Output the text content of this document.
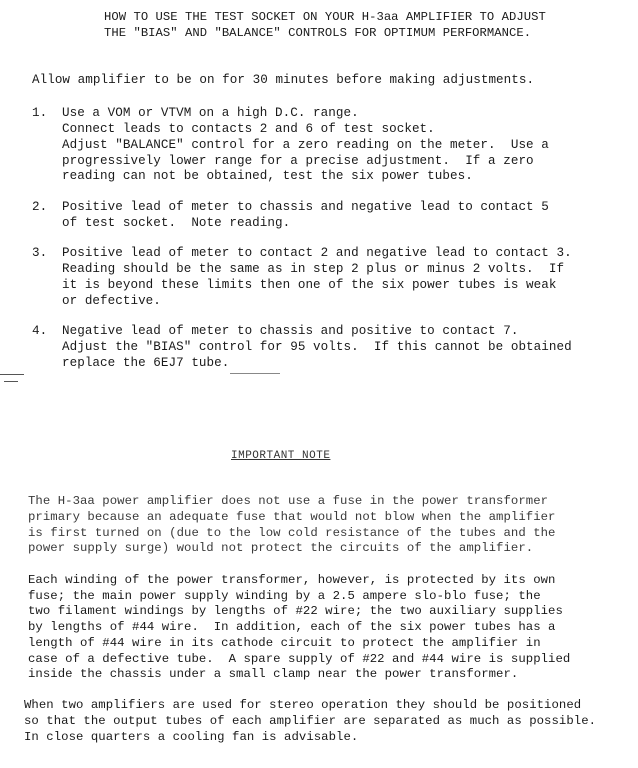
HOW TO USE THE TEST SOCKET ON YOUR H-3aa AMPLIFIER TO ADJUST
THE "BIAS" AND "BALANCE" CONTROLS FOR OPTIMUM PERFORMANCE.
Allow amplifier to be on for 30 minutes before making adjustments.
1. Use a VOM or VTVM on a high D.C. range.
Connect leads to contacts 2 and 6 of test socket.
Adjust "BALANCE" control for a zero reading on the meter.  Use a
progressively lower range for a precise adjustment.  If a zero
reading can not be obtained, test the six power tubes.
2. Positive lead of meter to chassis and negative lead to contact 5
of test socket.  Note reading.
3. Positive lead of meter to contact 2 and negative lead to contact 3.
Reading should be the same as in step 2 plus or minus 2 volts.  If
it is beyond these limits then one of the six power tubes is weak
or defective.
4. Negative lead of meter to chassis and positive to contact 7.
Adjust the "BIAS" control for 95 volts.  If this cannot be obtained
replace the 6EJ7 tube.
IMPORTANT NOTE
The H-3aa power amplifier does not use a fuse in the power transformer
primary because an adequate fuse that would not blow when the amplifier
is first turned on (due to the low cold resistance of the tubes and the
power supply surge) would not protect the circuits of the amplifier.
Each winding of the power transformer, however, is protected by its own
fuse; the main power supply winding by a 2.5 ampere slo-blo fuse; the
two filament windings by lengths of #22 wire; the two auxiliary supplies
by lengths of #44 wire.  In addition, each of the six power tubes has a
length of #44 wire in its cathode circuit to protect the amplifier in
case of a defective tube.  A spare supply of #22 and #44 wire is supplied
inside the chassis under a small clamp near the power transformer.
When two amplifiers are used for stereo operation they should be positioned
so that the output tubes of each amplifier are separated as much as possible.
In close quarters a cooling fan is advisable.
